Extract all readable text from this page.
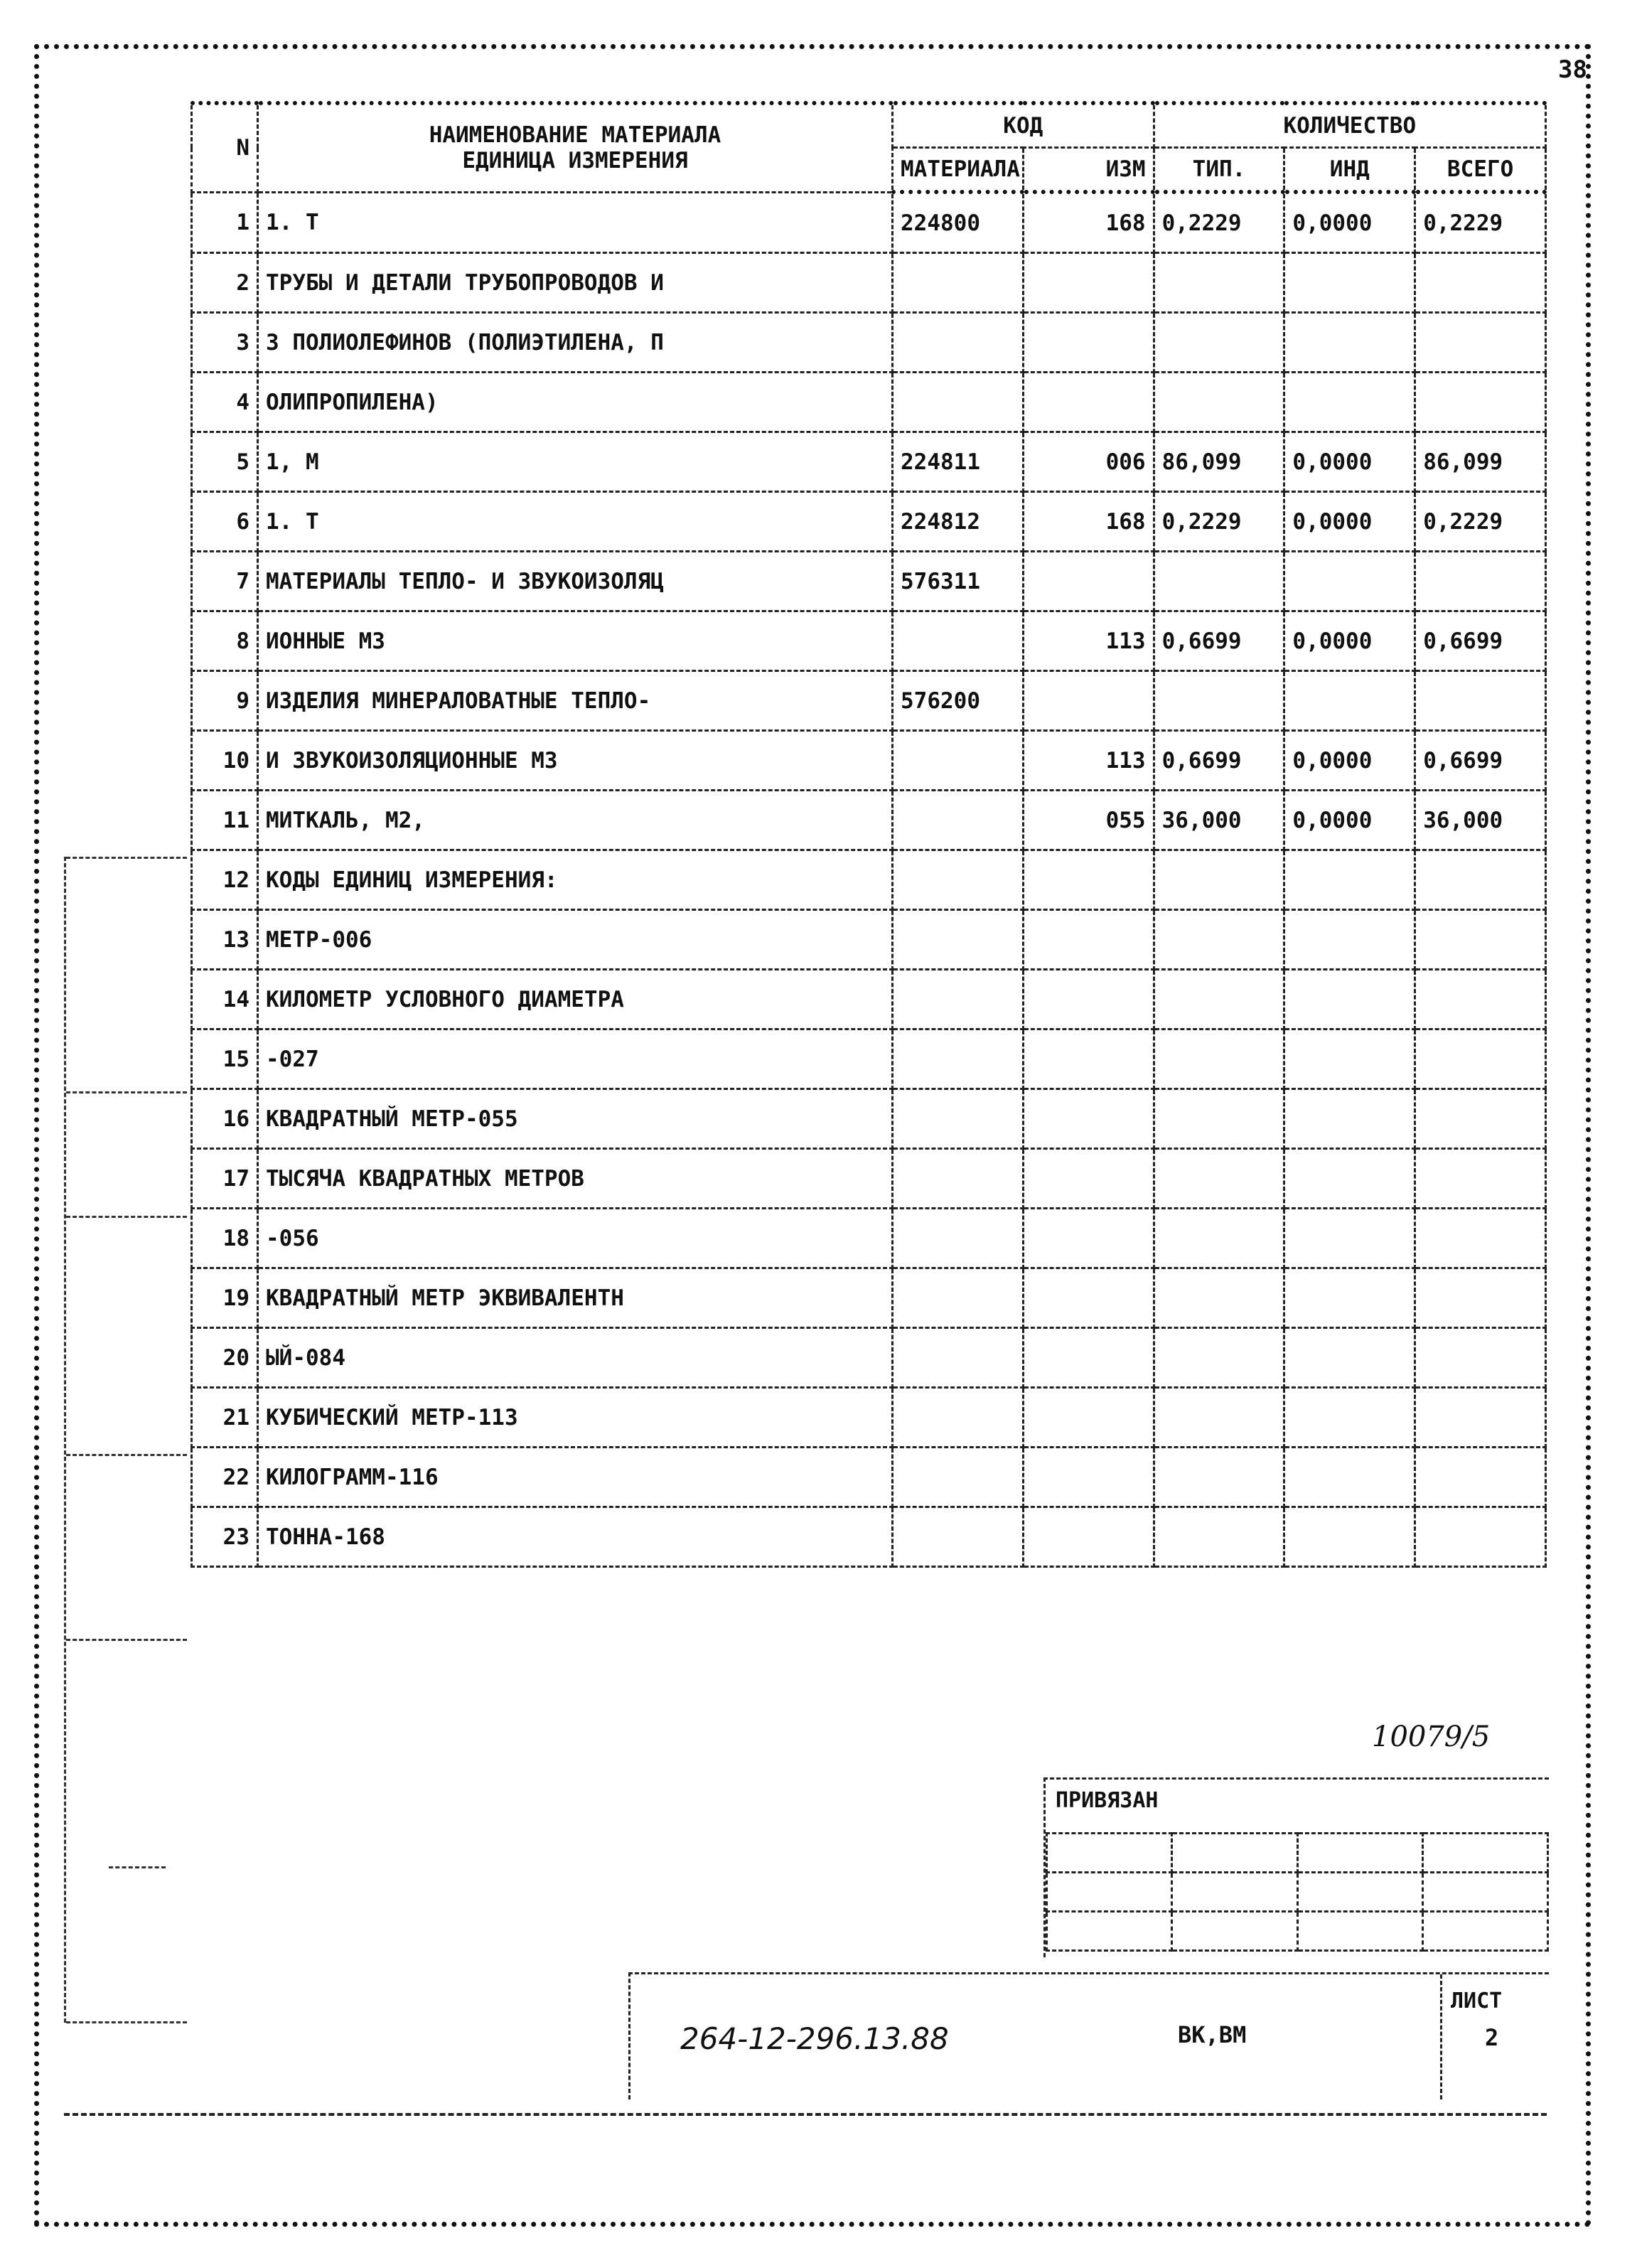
38
N	НАИМЕНОВАНИЕ МАТЕРИАЛА
ЕДИНИЦА ИЗМЕРЕНИЯ	КОД		КОЛИЧЕСТВО		
		МАТЕРИАЛА	ИЗМ	ТИП.	ИНД	ВСЕГО
1	1. Т	224800	168	0,2229	0,0000	0,2229
2	ТРУБЫ И ДЕТАЛИ ТРУБОПРОВОДОВ И					
3	З ПОЛИОЛЕФИНОВ (ПОЛИЭТИЛЕНА, П					
4	ОЛИПРОПИЛЕНА)					
5	1, М	224811	006	86,099	0,0000	86,099
6	1. Т	224812	168	0,2229	0,0000	0,2229
7	МАТЕРИАЛЫ ТЕПЛО- И ЗВУКОИЗОЛЯЦ	576311				
8	ИОННЫЕ М3		113	0,6699	0,0000	0,6699
9	ИЗДЕЛИЯ МИНЕРАЛОВАТНЫЕ ТЕПЛО-	576200				
10	И ЗВУКОИЗОЛЯЦИОННЫЕ М3		113	0,6699	0,0000	0,6699
11	МИТКАЛЬ, М2,		055	36,000	0,0000	36,000
12	КОДЫ ЕДИНИЦ ИЗМЕРЕНИЯ:					
13	МЕТР-006					
14	КИЛОМЕТР УСЛОВНОГО ДИАМЕТРА					
15	-027					
16	КВАДРАТНЫЙ МЕТР-055					
17	ТЫСЯЧА КВАДРАТНЫХ МЕТРОВ					
18	-056					
19	КВАДРАТНЫЙ МЕТР ЭКВИВАЛЕНТН					
20	ЫЙ-084					
21	КУБИЧЕСКИЙ МЕТР-113					
22	КИЛОГРАММ-116					
23	ТОННА-168					
10079/5
ПРИВЯЗАН

264-12-296.13.88	ВК,ВМ
ЛИСТ
2
